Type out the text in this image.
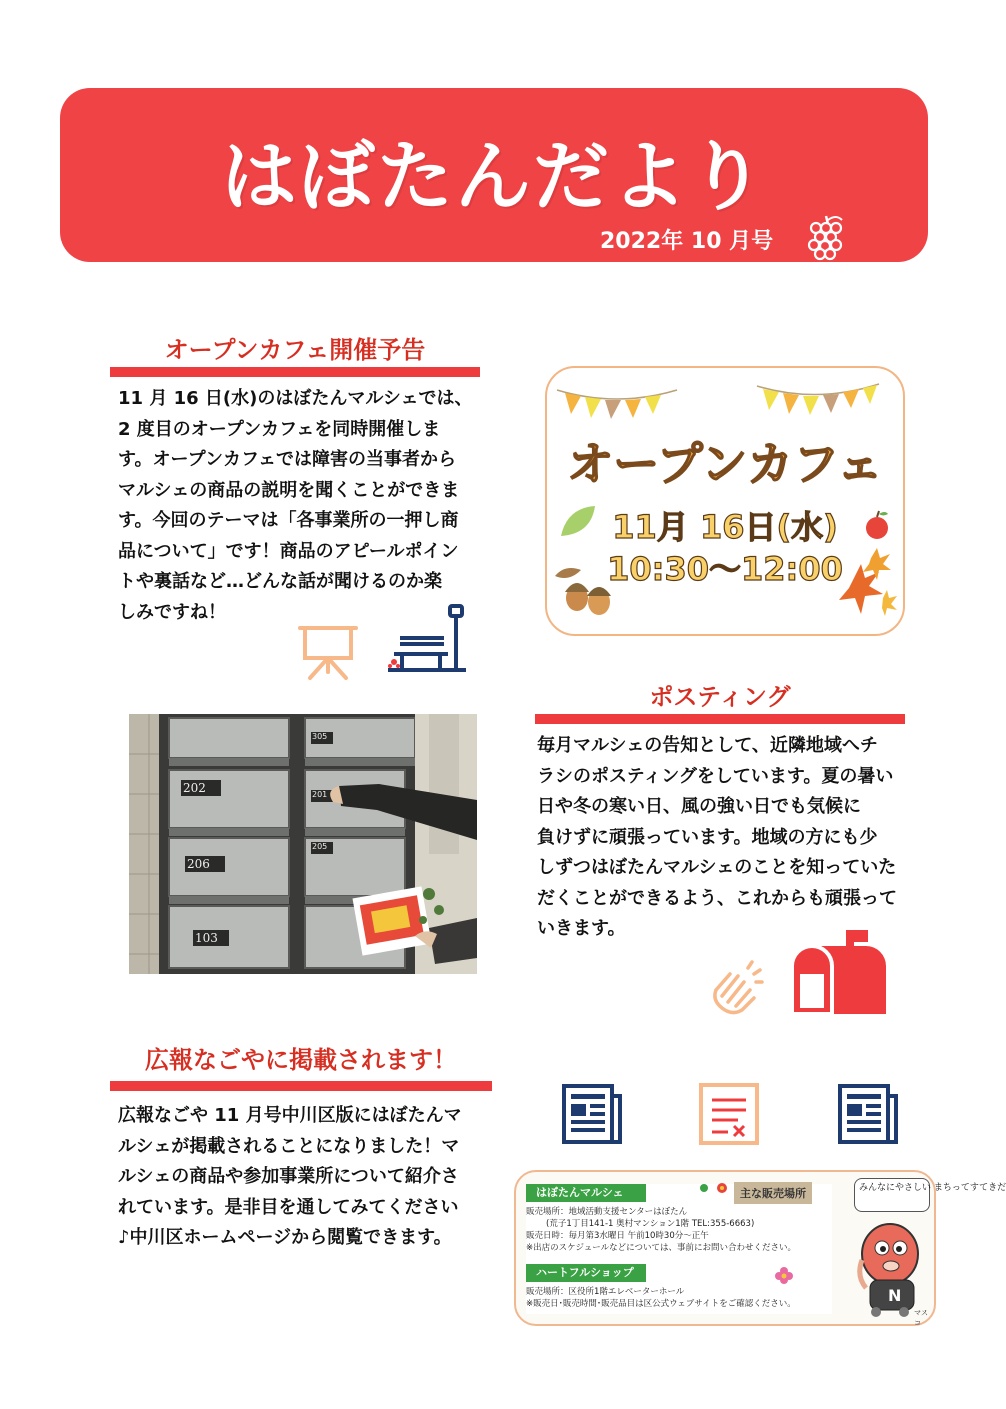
はぼたんだより
2022年 10 月号
オープンカフェ開催予告
11 月 16 日(水)のはぼたんマルシェでは、
2 度目のオープンカフェを同時開催しま
す。オープンカフェでは障害の当事者から
マルシェの商品の説明を聞くことができま
す。今回のテーマは「各事業所の一押し商
品について」です！商品のアピールポイン
トや裏話など…どんな話が聞けるのか楽
しみですね！
オープンカフェ
11月 16日(水)
10:30〜12:00
ポスティング
毎月マルシェの告知として、近隣地域へチ
ラシのポスティングをしています。夏の暑い
日や冬の寒い日、風の強い日でも気候に
負けずに頑張っています。地域の方にも少
しずつはぼたんマルシェのことを知っていた
だくことができるよう、これからも頑張って
いきます。
202
206
103
305
201
205
広報なごやに掲載されます！
広報なごや 11 月号中川区版にはぼたんマ
ルシェが掲載されることになりました！マ
ルシェの商品や参加事業所について紹介さ
れています。是非目を通してみてください
♪中川区ホームページから閲覧できます。
はぼたんマルシェ
販売場所：地域活動支援センターはぼたん
(荒子1丁目141-1 奥村マンション1階 TEL:355-6663)
販売日時：毎月第3水曜日 午前10時30分〜正午
※出店のスケジュールなどについては、事前にお問い合わせください。
ハートフルショップ
販売場所：区役所1階エレベーターホール
※販売日･販売時間･販売品目は区公式ウェブサイトをご確認ください。
主な販売場所	みんなにやさしい まちってすてきだ
N
マスコ
